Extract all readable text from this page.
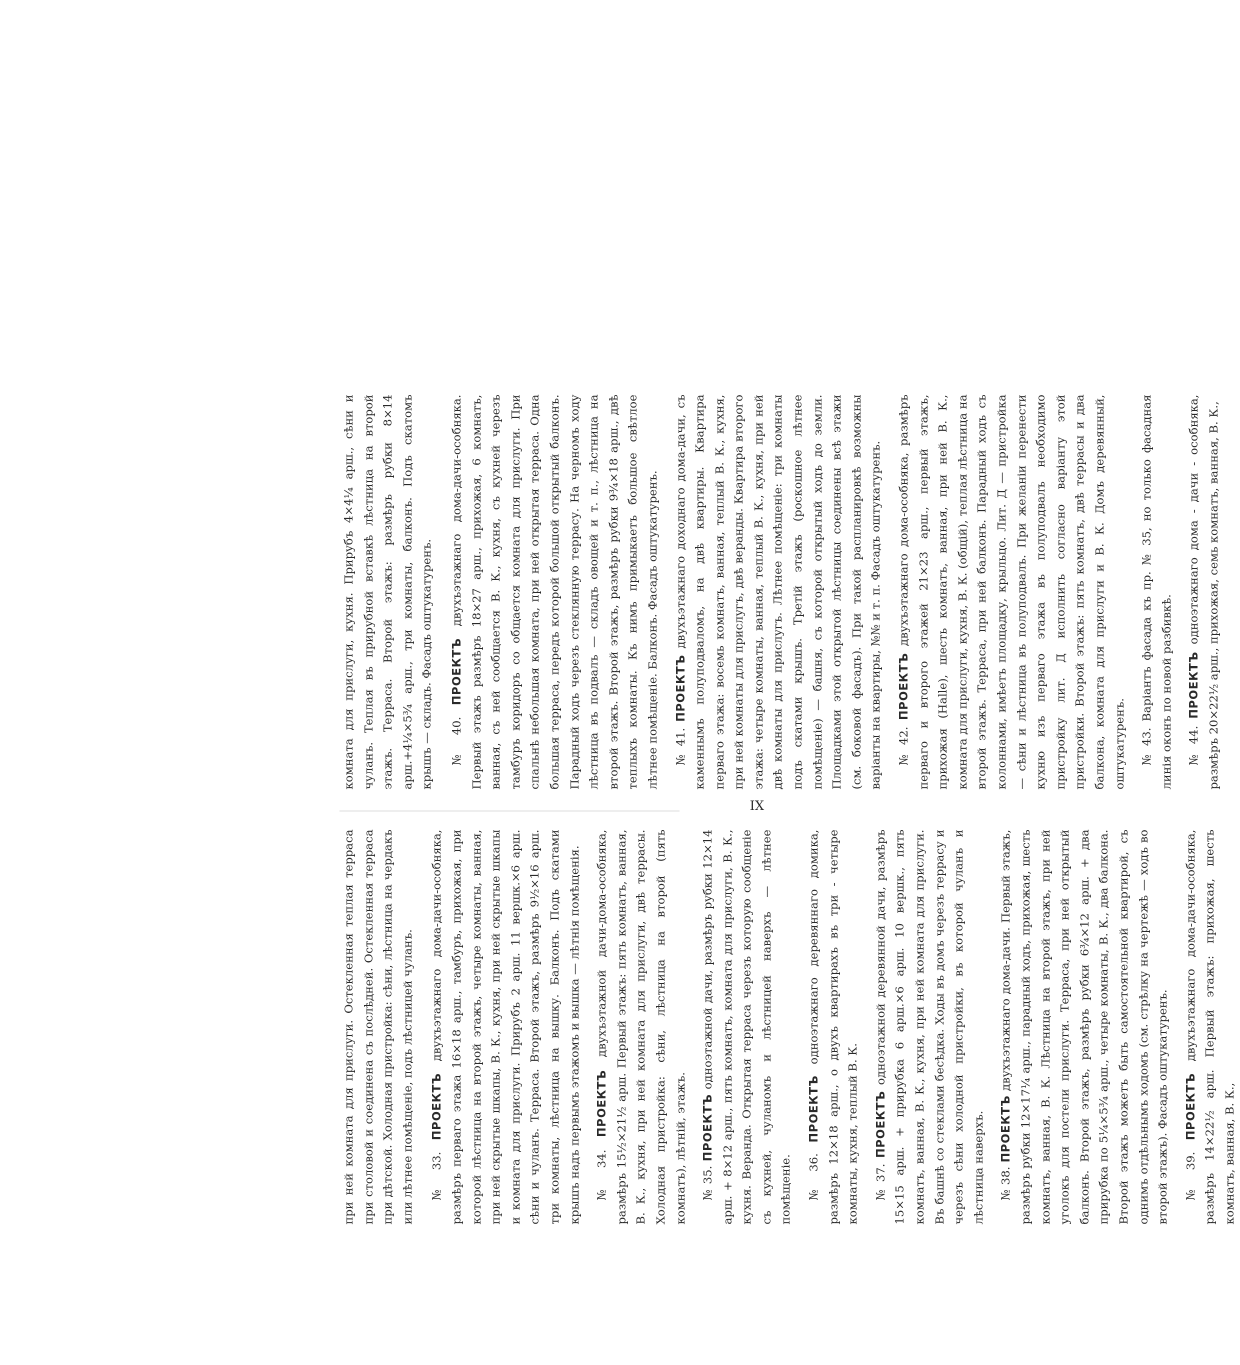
при ней комната для прислуги. Остекленная теплая терраса при столовой и соединена съ послѣдней. Остекленная терраса при дѣтской. Холодная пристройка: сѣни, лѣстница на чердакъ или лѣтнее помѣщеніе, подъ лѣстницей чуланъ.	№ 33. ПРОЕКТЪ двухъэтажнаго дома-дачи-особняка, размѣръ перваго этажа 16×18 арш., тамбуръ, прихожая, при которой лѣстница на второй этажъ, четыре комнаты, ванная, при ней скрытые шкапы, В. К., кухня, при ней скрытые шкапы и комната для прислуги. Прирубъ 2 арш. 11 вершк.×6 арш. сѣни и чуланъ. Терраса. Второй этажъ, размѣръ 9½×16 арш. три комнаты, лѣстница на вышку. Балконъ. Подъ скатами крышъ надъ первымъ этажомъ и вышка — лѣтнія помѣщенія.	№ 34. ПРОЕКТЪ двухъэтажной дачи-дома-особняка, размѣръ 15½×21½ арш. Первый этажъ: пять комнатъ, ванная, В. К., кухня, при ней комната для прислуги, двѣ террасы. Холодная пристройка: сѣни, лѣстница на второй (пять комнатъ), лѣтній, этажъ.	№ 35. ПРОЕКТЪ одноэтажной дачи, размѣръ рубки 12×14 арш. + 8×12 арш., пять комнатъ, комната для прислуги, В. К., кухня. Веранда. Открытая терраса черезъ которую сообщеніе съ кухней, чуланомъ и лѣстницей наверхъ — лѣтнее помѣщеніе.	№ 36. ПРОЕКТЪ одноэтажнаго деревяннаго домика, размѣръ 12×18 арш., о двухъ квартирахъ въ три - четыре комнаты, кухня, теплый В. К.	№ 37. ПРОЕКТЪ одноэтажной деревянной дачи, размѣръ 15×15 арш. + прирубка 6 арш.×6 арш. 10 вершк., пять комнатъ, ванная, В. К., кухня, при ней комната для прислуги. Въ башнѣ со стеклами бесѣдка. Ходы въ домъ черезъ террасу и черезъ сѣни холодной пристройки, въ которой чуланъ и лѣстница наверхъ.	№ 38. ПРОЕКТЪ двухъэтажнаго дома-дачи. Первый этажъ, размѣръ рубки 12×17¼ арш., парадный ходъ, прихожая, шесть комнатъ, ванная, В. К. Лѣстница на второй этажъ, при ней уголокъ для постели прислуги. Терраса, при ней открытый балконъ. Второй этажъ, размѣръ рубки 6¾×12 арш. + два прирубка по 5¼×5¾ арш., четыре комнаты, В. К., два балкона. Второй этажъ можетъ быть самостоятельной квартирой, съ однимъ отдѣльнымъ ходомъ (см. стрѣлку на чертежѣ — ходъ во второй этажъ). Фасадъ оштукатуренъ.	№ 39. ПРОЕКТЪ двухъэтажнаго дома-дачи-особняка, размѣръ 14×22½ арш. Первый этажъ: прихожая, шесть комнатъ, ванная, В. К.,

IX

комната для прислуги, кухня. Прирубъ 4×4¼ арш., сѣни и чуланъ. Теплая въ прирубной вставкѣ лѣстница на второй этажъ. Терраса. Второй этажъ: размѣръ рубки 8×14 арш.+4¼×5¾ арш., три комнаты, балконъ. Подъ скатомъ крышъ — складъ. Фасадъ оштукатуренъ.	№ 40. ПРОЕКТЪ двухъэтажнаго дома-дачи-особняка. Первый этажъ размѣръ 18×27 арш., прихожая, 6 комнатъ, ванная, съ ней сообщается В. К., кухня, съ кухней черезъ тамбуръ коридоръ со общается комната для прислуги. При спальнѣ небольшая комната, при ней открытая терраса. Одна большая терраса, передъ которой большой открытый балконъ. Парадный ходъ черезъ стеклянную террасу. На черномъ ходу лѣстница въ подвалъ — складъ овощей и т. п., лѣстница на второй этажъ. Второй этажъ, размѣръ рубки 9¾×18 арш., двѣ теплыхъ комнаты. Къ нимъ примыкаетъ большое свѣтлое лѣтнее помѣщеніе. Балконъ. Фасадъ оштукатуренъ.	№ 41. ПРОЕКТЪ двухъэтажнаго доходнаго дома-дачи, съ каменнымъ полуподваломъ, на двѣ квартиры. Квартира перваго этажа: восемь комнатъ, ванная, теплый В. К., кухня, при ней комнаты для прислугъ, двѣ веранды. Квартира второго этажа: четыре комнаты, ванная, теплый В. К., кухня, при ней двѣ комнаты для прислугъ. Лѣтнее помѣщеніе: три комнаты подъ скатами крышъ. Третій этажъ (роскошное лѣтнее помѣщеніе) — башня, съ которой открытый ходъ до земли. Площадками этой открытой лѣстницы соединены всѣ этажи (см. боковой фасадъ). При такой распланировкѣ возможны варіанты на квартиры, №№ и т. п. Фасадъ оштукатуренъ.	№ 42. ПРОЕКТЪ двухъэтажнаго дома-особняка, размѣръ перваго и второго этажей 21×23 арш., первый этажъ, прихожая (Halle), шесть комнатъ, ванная, при ней В. К., комната для прислуги, кухня, В. К. (общій), теплая лѣстница на второй этажъ. Терраса, при ней балконъ. Парадный ходъ съ колоннами, имѣетъ площадку, крыльцо. Лит. Д — пристройка — сѣни и лѣстница въ полуподвалъ. При желаніи перенести кухню изъ перваго этажа въ полуподвалъ необходимо пристройку лит. Д исполнить согласно варіанту этой пристройки. Второй этажъ: пять комнатъ, двѣ террасы и два балкона, комната для прислуги и В. К. Домъ деревянный, оштукатуренъ.	№ 43. Варіантъ фасада къ пр. № 35, но только фасадная линія оконъ по новой разбивкѣ.	№ 44. ПРОЕКТЪ одноэтажнаго дома - дачи - особняка, размѣръ 20×22½ арш., прихожая, семь комнатъ, ванная, В. К.,
